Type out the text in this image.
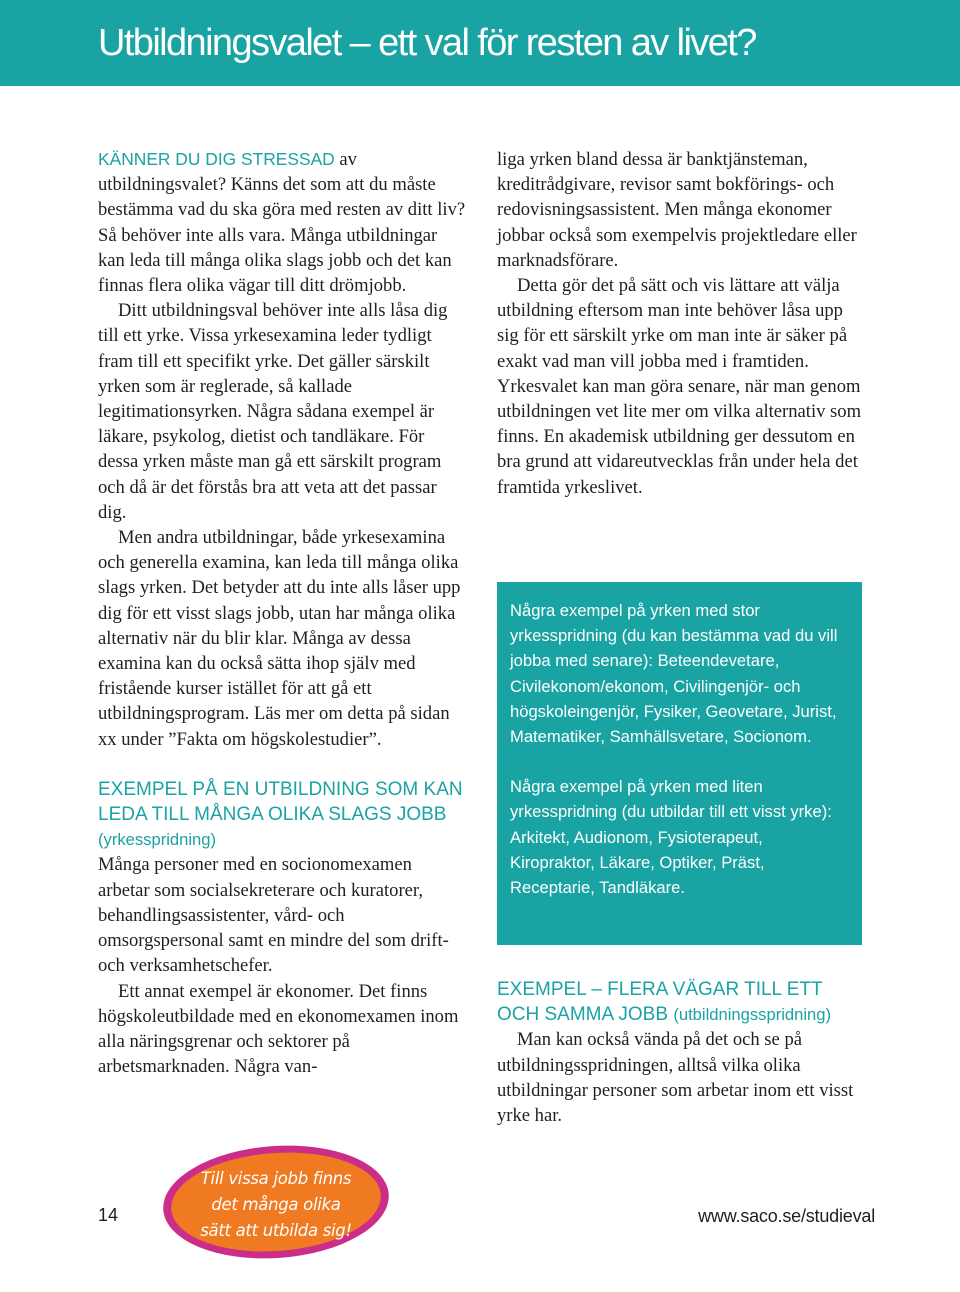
Utbildningsvalet – ett val för resten av livet?

KÄNNER DU DIG STRESSAD av utbildningsvalet? Känns det som att du måste bestämma vad du ska göra med resten av ditt liv? Så behöver inte alls vara. Många utbildningar kan leda till många olika slags jobb och det kan finnas flera olika vägar till ditt drömjobb.

Ditt utbildningsval behöver inte alls låsa dig till ett yrke. Vissa yrkesexamina leder tydligt fram till ett specifikt yrke. Det gäller särskilt yrken som är reglerade, så kallade legitimationsyrken. Några sådana exempel är läkare, psykolog, dietist och tandläkare. För dessa yrken måste man gå ett särskilt program och då är det förstås bra att veta att det passar dig.

Men andra utbildningar, både yrkesexamina och generella examina, kan leda till många olika slags yrken. Det betyder att du inte alls låser upp dig för ett visst slags jobb, utan har många olika alternativ när du blir klar. Många av dessa examina kan du också sätta ihop själv med fristående kurser istället för att gå ett utbildningsprogram. Läs mer om detta på sidan xx under ”Fakta om högskolestudier”.

EXEMPEL PÅ EN UTBILDNING SOM KAN LEDA TILL MÅNGA OLIKA SLAGS JOBB (yrkesspridning)

Många personer med en socionomexamen arbetar som socialsekreterare och kuratorer, behandlingsassistenter, vård- och omsorgspersonal samt en mindre del som drift- och verksamhetschefer.

Ett annat exempel är ekonomer. Det finns högskoleutbildade med en ekonomexamen inom alla näringsgrenar och sektorer på arbetsmarknaden. Några van-

liga yrken bland dessa är banktjänsteman, kreditrådgivare, revisor samt bokförings- och redovisningsassistent. Men många ekonomer jobbar också som exempelvis projektledare eller marknadsförare.

Detta gör det på sätt och vis lättare att välja utbildning eftersom man inte behöver låsa upp sig för ett särskilt yrke om man inte är säker på exakt vad man vill jobba med i framtiden. Yrkesvalet kan man göra senare, när man genom utbildningen vet lite mer om vilka alternativ som finns. En akademisk utbildning ger dessutom en bra grund att vidareutvecklas från under hela det framtida yrkeslivet.

Några exempel på yrken med stor yrkesspridning (du kan bestämma vad du vill jobba med senare): Beteendevetare, Civilekonom/ekonom, Civilingenjör- och högskoleingenjör, Fysiker, Geovetare, Jurist, Matematiker, Samhällsvetare, Socionom.

Några exempel på yrken med liten yrkesspridning (du utbildar till ett visst yrke): Arkitekt, Audionom, Fysioterapeut, Kiropraktor, Läkare, Optiker, Präst, Receptarie, Tandläkare.

EXEMPEL – FLERA VÄGAR TILL ETT OCH SAMMA JOBB (utbildningsspridning)

Man kan också vända på det och se på utbildningsspridningen, alltså vilka olika utbildningar personer som arbetar inom ett visst yrke har.

Till vissa jobb finns
det många olika
sätt att utbilda sig!
14	www.saco.se/studieval
